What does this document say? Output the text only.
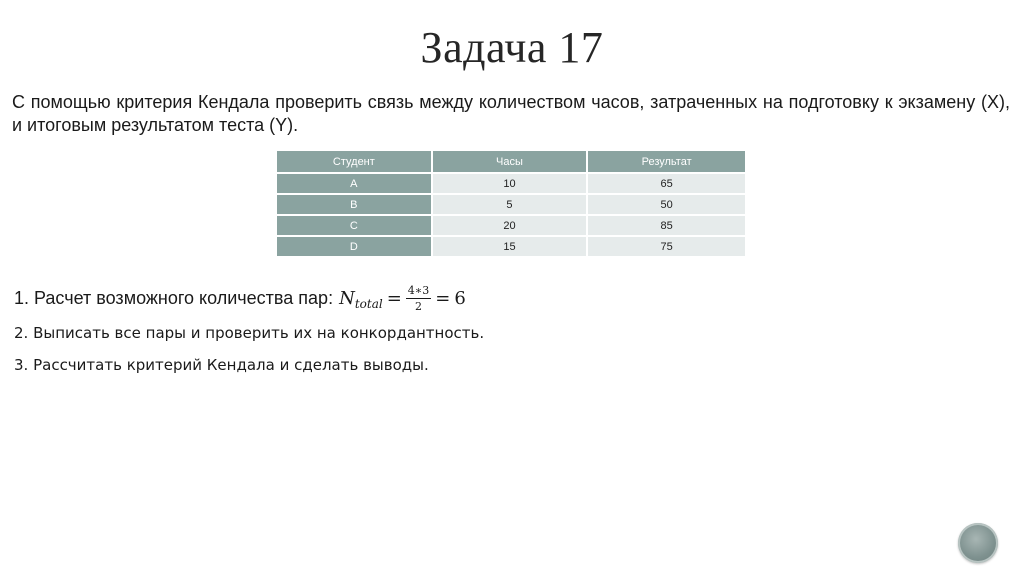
Задача 17
С помощью критерия Кендала проверить связь между количеством часов, затраченных на подготовку к экзамену (X), и итоговым результатом теста (Y).
Студент	Часы	Результат
A	10	65
B	5	50
C	20	85
D	15	75
1. Расчет возможного количества пар: N total = $\frac{4∗3}{2} = 6$
2. Выписать все пары и проверить их на конкордантность.
3. Рассчитать критерий Кендала и сделать выводы.
